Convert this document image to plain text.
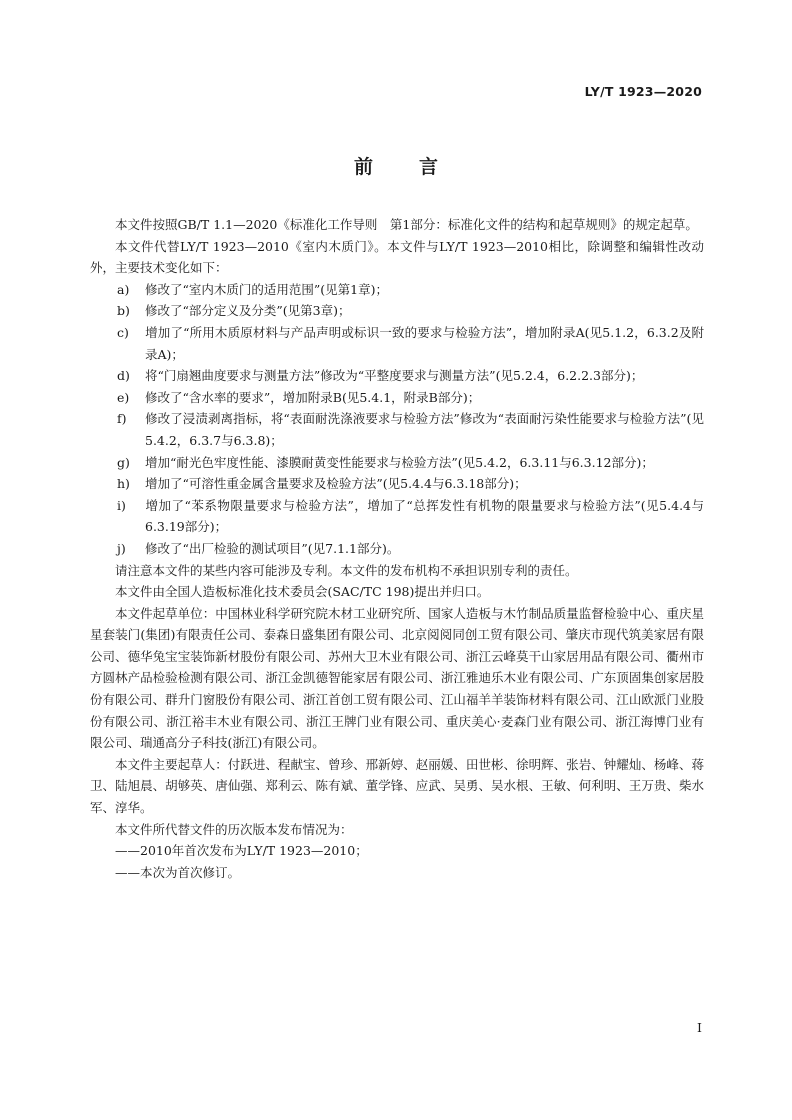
LY/T 1923—2020
前言

本文件按照GB/T 1.1—2020《标准化工作导则　第1部分：标准化文件的结构和起草规则》的规定起草。

本文件代替LY/T 1923—2010《室内木质门》。本文件与LY/T 1923—2010相比，除调整和编辑性改动外，主要技术变化如下：

a) 修改了“室内木质门的适用范围”(见第1章)；

b) 修改了“部分定义及分类”(见第3章)；

c) 增加了“所用木质原材料与产品声明或标识一致的要求与检验方法”，增加附录A(见5.1.2，6.3.2及附录A)；

d) 将“门扇翘曲度要求与测量方法”修改为“平整度要求与测量方法”(见5.2.4，6.2.2.3部分)；

e) 修改了“含水率的要求”，增加附录B(见5.4.1，附录B部分)；

f) 修改了浸渍剥离指标，将“表面耐洗涤液要求与检验方法”修改为“表面耐污染性能要求与检验方法”(见5.4.2，6.3.7与6.3.8)；

g) 增加“耐光色牢度性能、漆膜耐黄变性能要求与检验方法”(见5.4.2，6.3.11与6.3.12部分)；

h) 增加了“可溶性重金属含量要求及检验方法”(见5.4.4与6.3.18部分)；

i) 增加了“苯系物限量要求与检验方法”，增加了“总挥发性有机物的限量要求与检验方法”(见5.4.4与6.3.19部分)；

j) 修改了“出厂检验的测试项目”(见7.1.1部分)。

请注意本文件的某些内容可能涉及专利。本文件的发布机构不承担识别专利的责任。

本文件由全国人造板标准化技术委员会(SAC/TC 198)提出并归口。

本文件起草单位：中国林业科学研究院木材工业研究所、国家人造板与木竹制品质量监督检验中心、重庆星星套装门(集团)有限责任公司、泰森日盛集团有限公司、北京阅阅同创工贸有限公司、肇庆市现代筑美家居有限公司、德华兔宝宝装饰新材股份有限公司、苏州大卫木业有限公司、浙江云峰莫干山家居用品有限公司、衢州市方圆林产品检验检测有限公司、浙江金凯德智能家居有限公司、浙江雅迪乐木业有限公司、广东顶固集创家居股份有限公司、群升门窗股份有限公司、浙江首创工贸有限公司、江山福羊羊装饰材料有限公司、江山欧派门业股份有限公司、浙江裕丰木业有限公司、浙江王牌门业有限公司、重庆美心·麦森门业有限公司、浙江海博门业有限公司、瑞通高分子科技(浙江)有限公司。

本文件主要起草人：付跃进、程献宝、曾珍、邢新婷、赵丽媛、田世彬、徐明辉、张岩、钟耀灿、杨峰、蒋卫、陆旭晨、胡够英、唐仙强、郑利云、陈有斌、董学锋、应武、吴勇、吴水根、王敏、何利明、王万贵、柴水军、淳华。

本文件所代替文件的历次版本发布情况为：

——2010年首次发布为LY/T 1923—2010；

——本次为首次修订。

I
